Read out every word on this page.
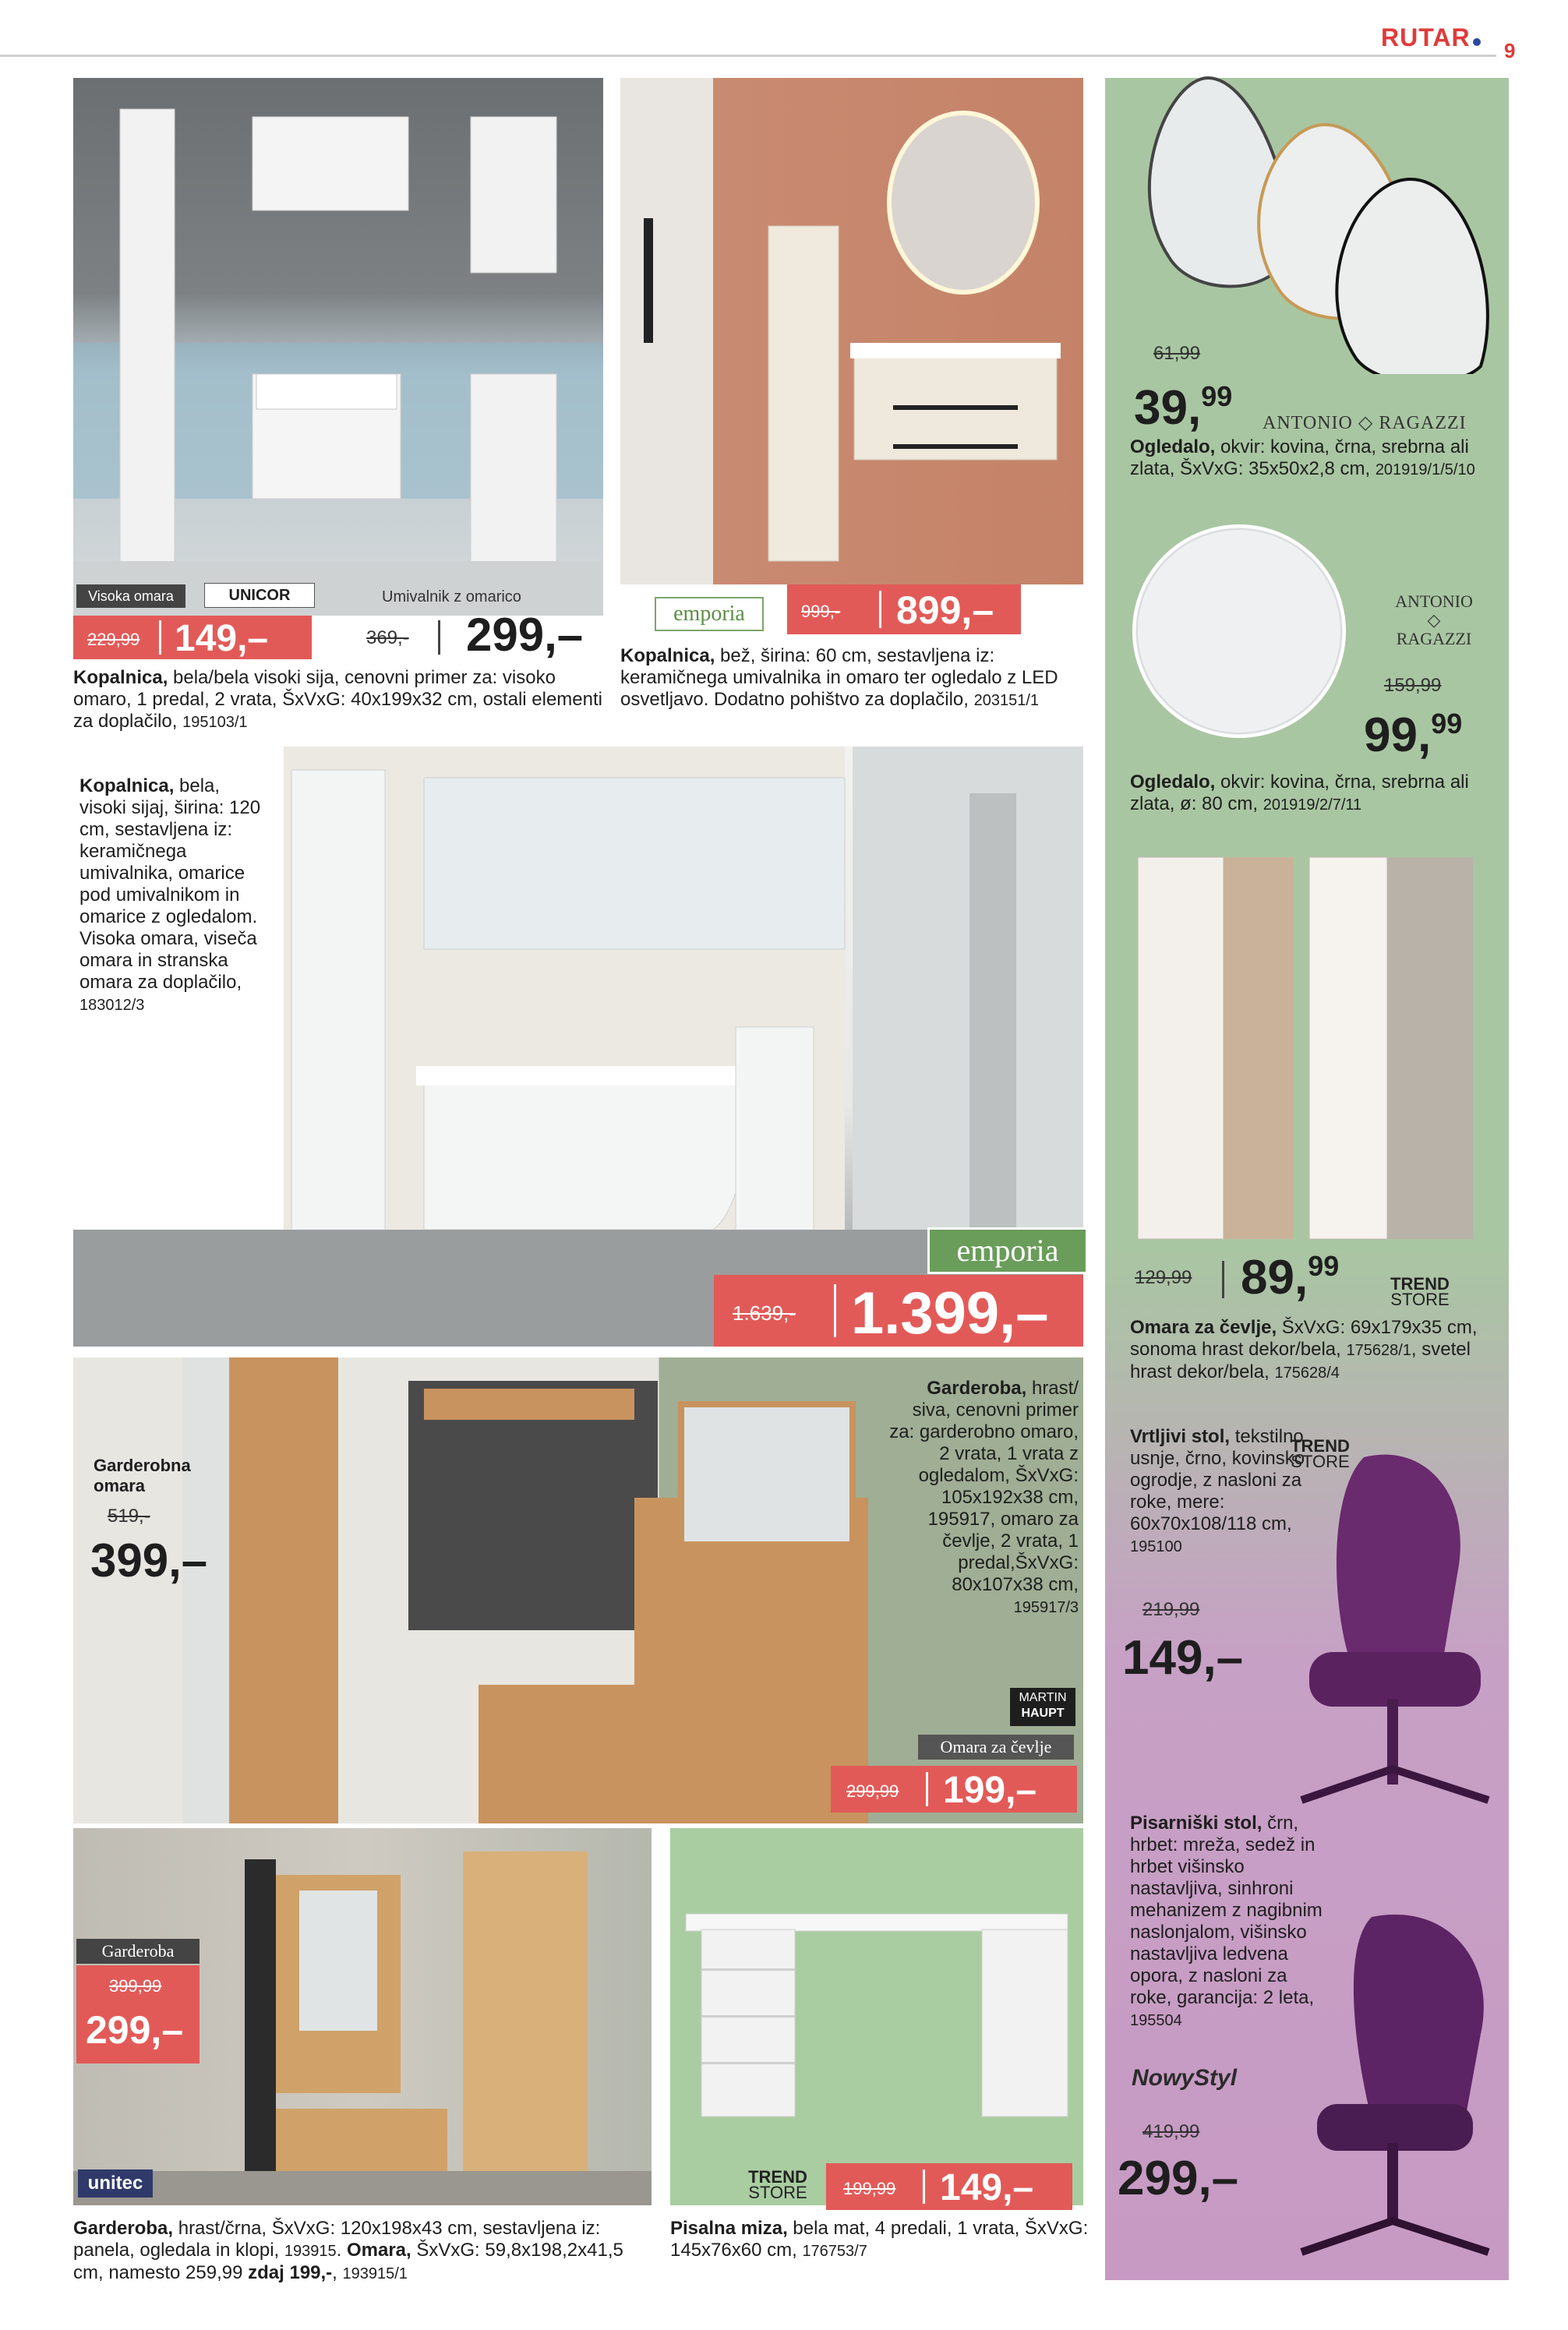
RUTAR	9
Visoka omara	UNICOR	Umivalnik z omarico
229,99 149,–	369,- 299,–
Kopalnica, bela/bela visoki sija, cenovni primer za: visoko omaro, 1 predal, 2 vrata, ŠxVxG: 40x199x32 cm, ostali elementi za doplačilo, 195103/1
emporia	999,- 899,–
Kopalnica, bež, širina: 60 cm, sestavljena iz: keramičnega umivalnika in omaro ter ogledalo z LED osvetljavo. Dodatno pohištvo za doplačilo, 203151/1
61,99
39,99
ANTONIO ◇ RAGAZZI
Ogledalo, okvir: kovina, črna, srebrna ali zlata, ŠxVxG: 35x50x2,8 cm, 201919/1/5/10
ANTONIO
◇
RAGAZZI
159,99
99,99
Ogledalo, okvir: kovina, črna, srebrna ali zlata, ø: 80 cm, 201919/2/7/11
Kopalnica, bela, visoki sijaj, širina: 120 cm, sestavljena iz: keramičnega umivalnika, omarice pod umivalnikom in omarice z ogledalom. Visoka omara, viseča omara in stranska omara za doplačilo, 183012/3
emporia
1.639,- 1.399,–
129,99 89,99
TREND
STORE
Omara za čevlje, ŠxVxG: 69x179x35 cm, sonoma hrast dekor/bela, 175628/1, svetel hrast dekor/bela, 175628/4
Garderobna omara
519,-
399,–
Garderoba, hrast/ siva, cenovni primer za: garderobno omaro, 2 vrata, 1 vrata z ogledalom, ŠxVxG: 105x192x38 cm, 195917, omaro za čevlje, 2 vrata, 1 predal,ŠxVxG: 80x107x38 cm, 195917/3
MARTIN
HAUPT
Omara za čevlje
299,99 199,–
Vrtljivi stol, tekstilno usnje, črno, kovinsko ogrodje, z nasloni za roke, mere: 60x70x108/118 cm, 195100
TREND
STORE
219,99
149,–
Pisarniški stol, črn, hrbet: mreža, sedež in hrbet višinsko nastavljiva, sinhroni mehanizem z nagibnim naslonjalom, višinsko nastavljiva ledvena opora, z nasloni za roke, garancija: 2 leta, 195504
NowyStyl
419,99
299,–
Garderoba
399,99
299,–
unitec
Garderoba, hrast/črna, ŠxVxG: 120x198x43 cm, sestavljena iz: panela, ogledala in klopi, 193915. Omara, ŠxVxG: 59,8x198,2x41,5 cm, namesto 259,99 zdaj 199,-, 193915/1
TREND
STORE 199,99 149,–
Pisalna miza, bela mat, 4 predali, 1 vrata, ŠxVxG: 145x76x60 cm, 176753/7
